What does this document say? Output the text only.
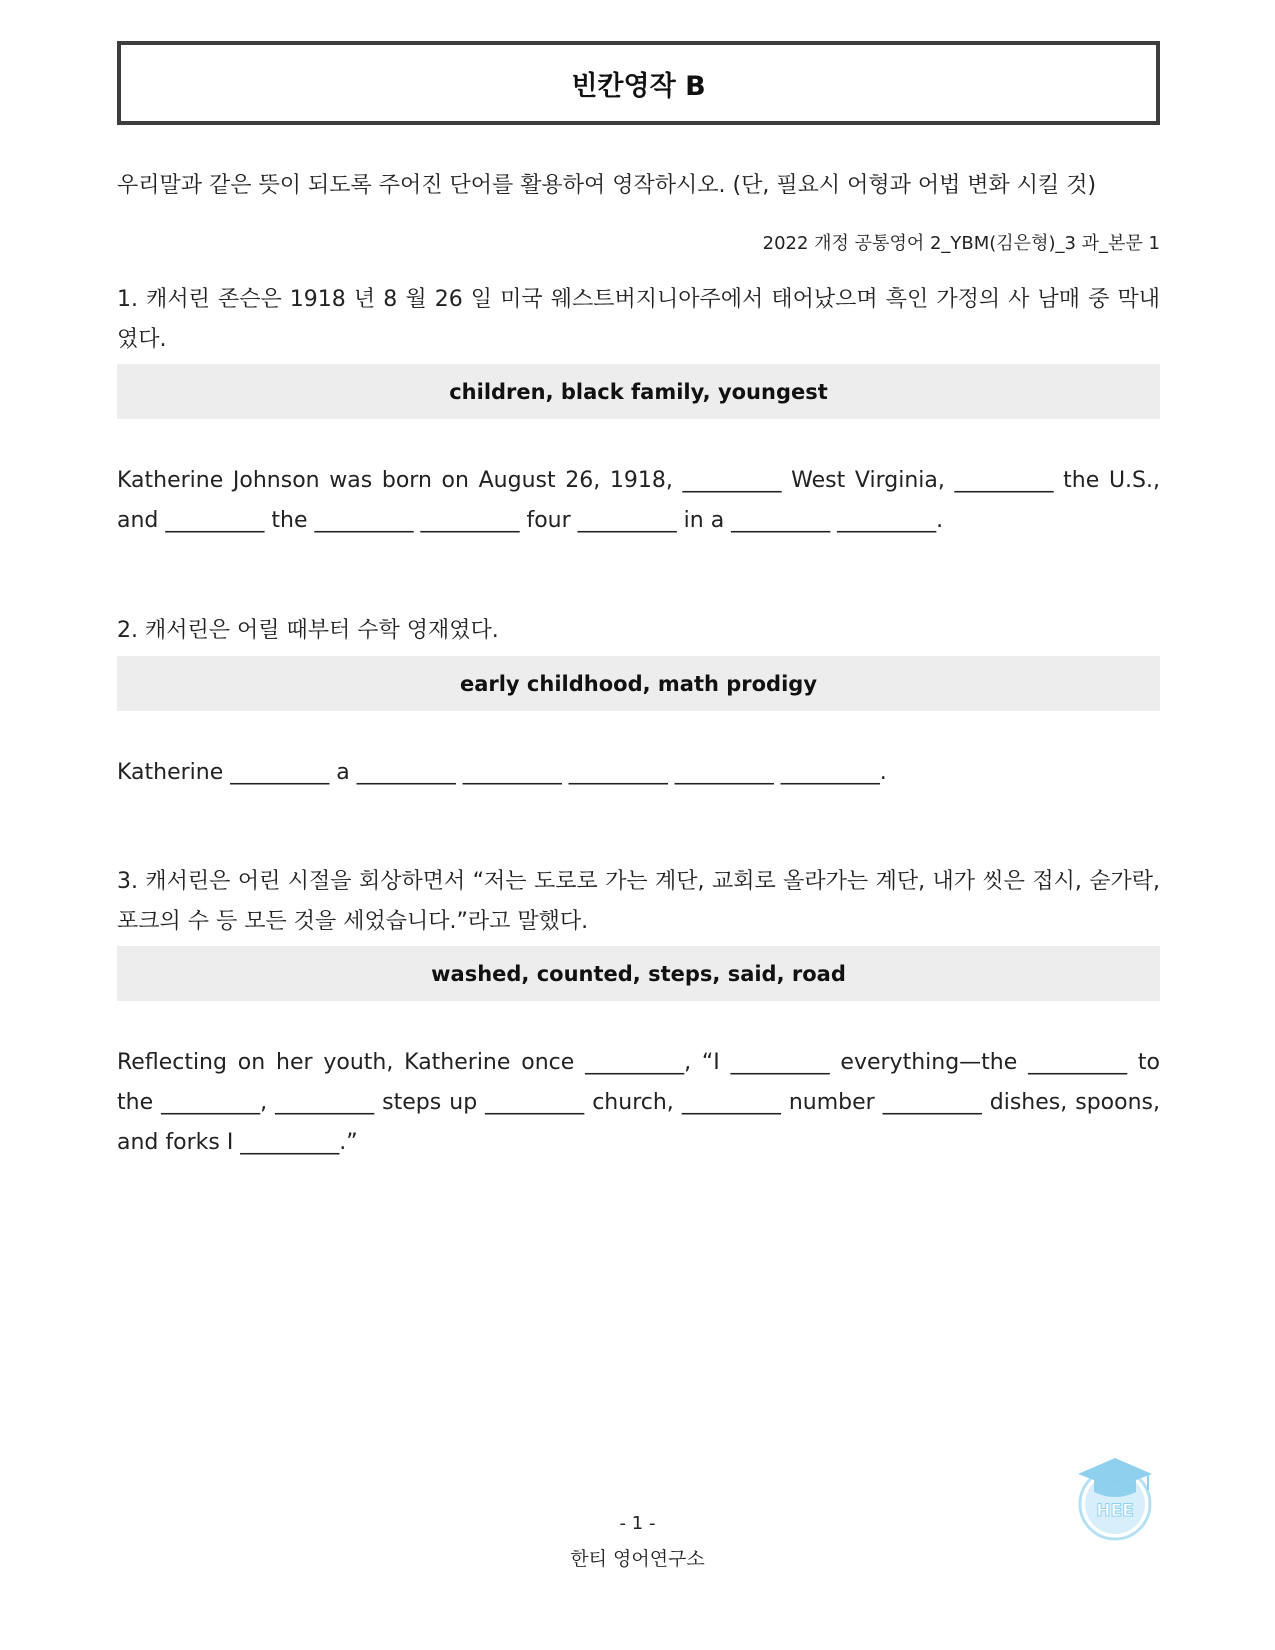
빈칸영작 B
우리말과 같은 뜻이 되도록 주어진 단어를 활용하여 영작하시오. (단, 필요시 어형과 어법 변화 시킬 것)
2022 개정 공통영어 2_YBM(김은형)_3 과_본문 1
1. 캐서린 존슨은 1918 년 8 월 26 일 미국 웨스트버지니아주에서 태어났으며 흑인 가정의 사 남매 중 막내였다.
children, black family, youngest
Katherine Johnson was born on August 26, 1918, _________ West Virginia, _________ the U.S., and _________ the _________ _________ four _________ in a _________ _________.
2. 캐서린은 어릴 때부터 수학 영재였다.
early childhood, math prodigy
Katherine _________ a _________ _________ _________ _________ _________.
3. 캐서린은 어린 시절을 회상하면서 “저는 도로로 가는 계단, 교회로 올라가는 계단, 내가 씻은 접시, 숟가락, 포크의 수 등 모든 것을 세었습니다.”라고 말했다.
washed, counted, steps, said, road
Reflecting on her youth, Katherine once _________, “I _________ everything—the _________ to the _________, _________ steps up _________ church, _________ number _________ dishes, spoons, and forks I _________.”
HEE
- 1 -
한티 영어연구소
